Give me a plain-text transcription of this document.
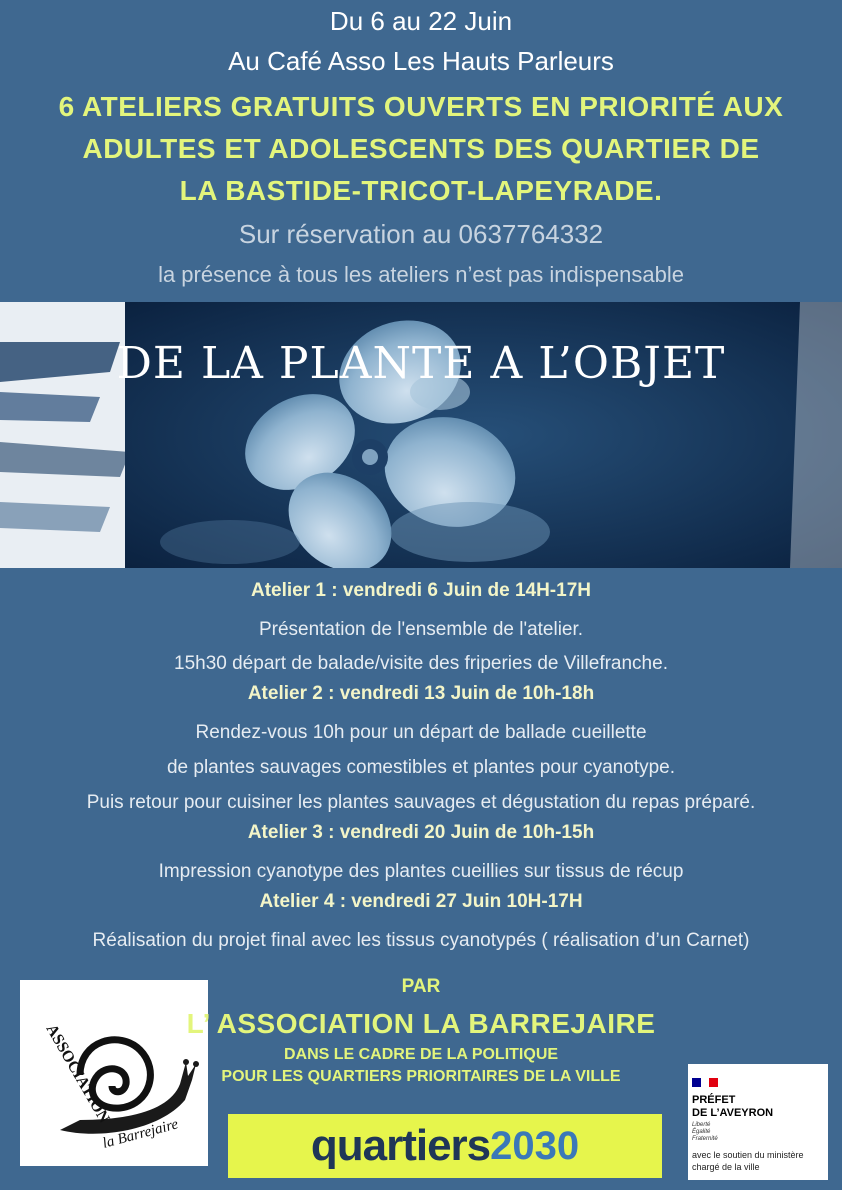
Du 6 au 22 Juin
Au Café Asso Les Hauts Parleurs
6 ATELIERS GRATUITS OUVERTS EN PRIORITÉ AUX
ADULTES ET ADOLESCENTS DES QUARTIER DE
LA BASTIDE-TRICOT-LAPEYRADE.
Sur réservation au 0637764332
la présence à tous les ateliers n’est pas indispensable
DE LA PLANTE A L’OBJET
Atelier 1 : vendredi 6 Juin de 14H-17H
Présentation de l'ensemble de l'atelier.
15h30 départ de balade/visite des friperies de Villefranche.
Atelier 2 : vendredi 13 Juin de 10h-18h
Rendez-vous 10h pour un départ de ballade cueillette
de plantes sauvages comestibles et plantes pour cyanotype.
Puis retour pour cuisiner les plantes sauvages et dégustation du repas préparé.
Atelier 3 : vendredi 20 Juin de 10h-15h
Impression cyanotype des plantes cueillies sur tissus de récup
Atelier 4 : vendredi 27 Juin 10H-17H
Réalisation du projet final avec les tissus cyanotypés ( réalisation d’un Carnet)
ASSOCIATION
la Barrejaire
PAR
L’ ASSOCIATION LA BARREJAIRE
DANS LE CADRE DE LA POLITIQUE
POUR LES QUARTIERS PRIORITAIRES DE LA VILLE
quartiers 2030
PRÉFET
DE L’AVEYRON
Liberté
Égalité
Fraternité
avec le soutien du ministère
chargé de la ville
